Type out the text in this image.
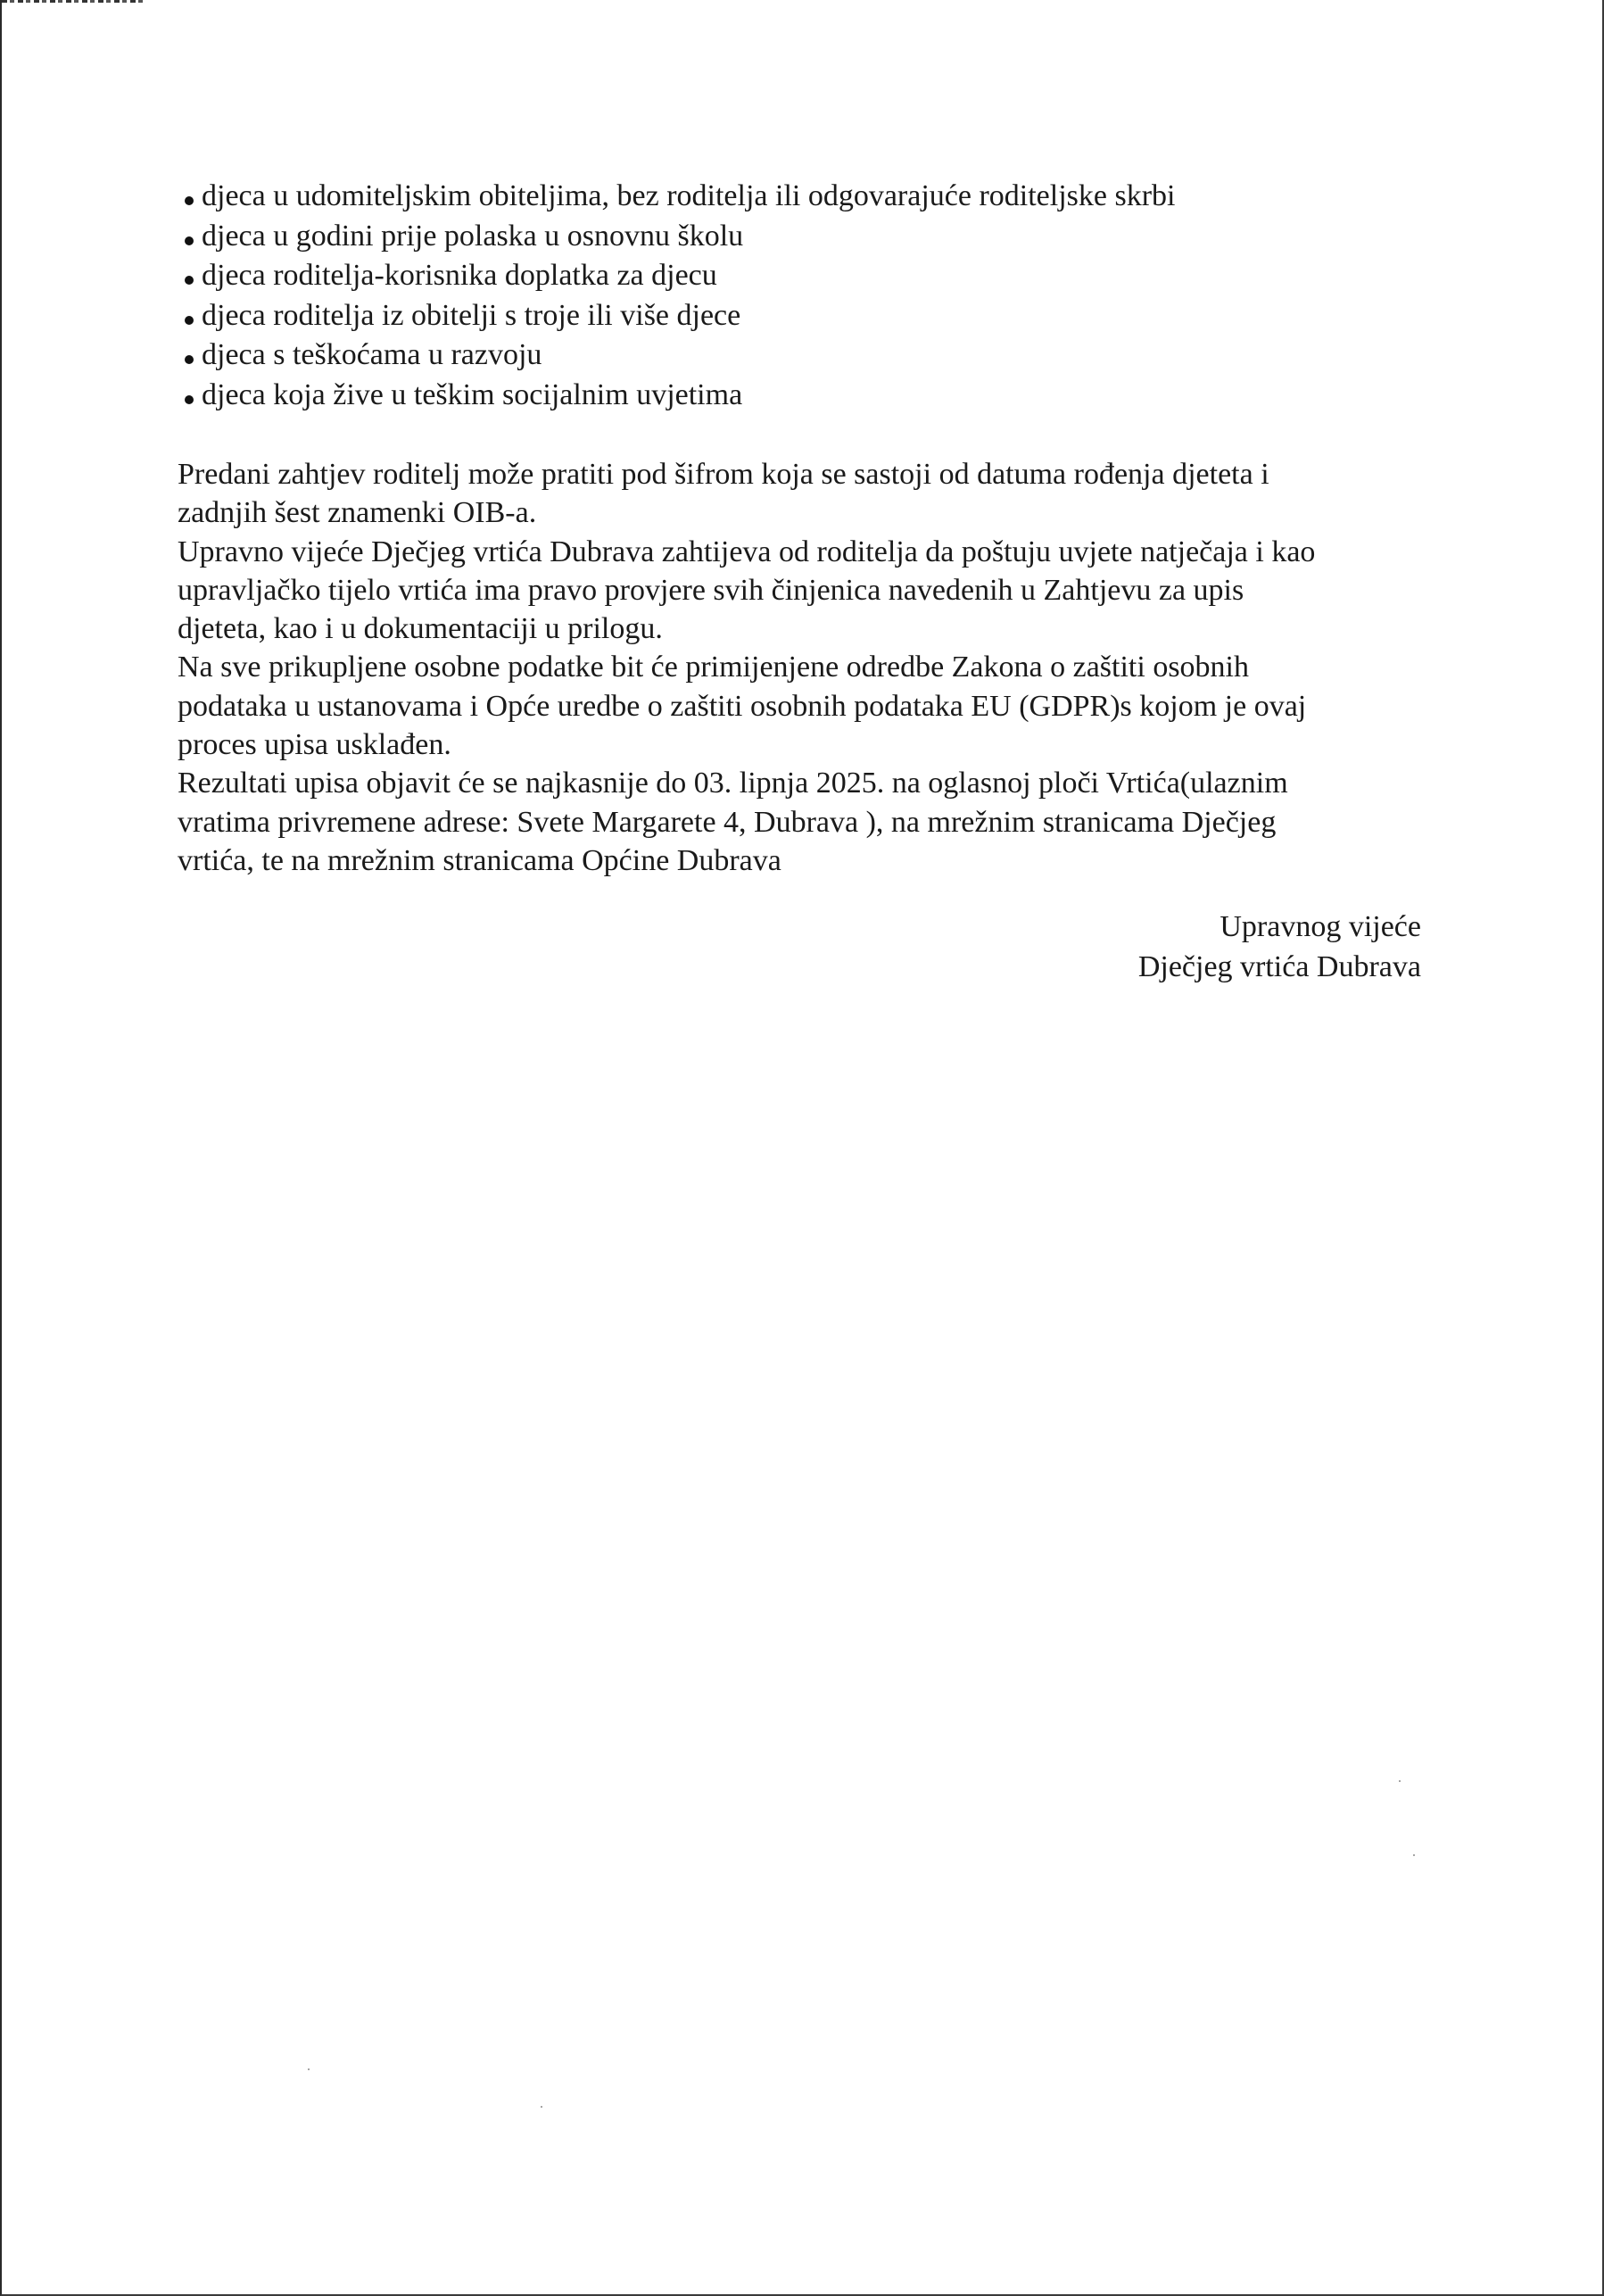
djeca u udomiteljskim obiteljima, bez roditelja ili odgovarajuće roditeljske skrbi
djeca u godini prije polaska u osnovnu školu
djeca roditelja-korisnika doplatka za djecu
djeca roditelja iz obitelji s troje ili više djece
djeca s teškoćama u razvoju
djeca koja žive u teškim socijalnim uvjetima

Predani zahtjev roditelj može pratiti pod šifrom koja se sastoji od datuma rođenja djeteta i

zadnjih šest znamenki OIB-a.

Upravno vijeće Dječjeg vrtića Dubrava zahtijeva od roditelja da poštuju uvjete natječaja i kao

upravljačko tijelo vrtića ima pravo provjere svih činjenica navedenih u Zahtjevu za upis

djeteta, kao i u dokumentaciji u prilogu.

Na sve prikupljene osobne podatke bit će primijenjene odredbe Zakona o zaštiti osobnih

podataka u ustanovama i Opće uredbe o zaštiti osobnih podataka EU (GDPR)s kojom je ovaj

proces upisa usklađen.

Rezultati upisa objavit će se najkasnije do 03. lipnja 2025. na oglasnoj ploči Vrtića(ulaznim

vratima privremene adrese: Svete Margarete 4, Dubrava ), na mrežnim stranicama Dječjeg

vrtića, te na mrežnim stranicama Općine Dubrava

Upravnog vijeće
Dječjeg vrtića Dubrava
